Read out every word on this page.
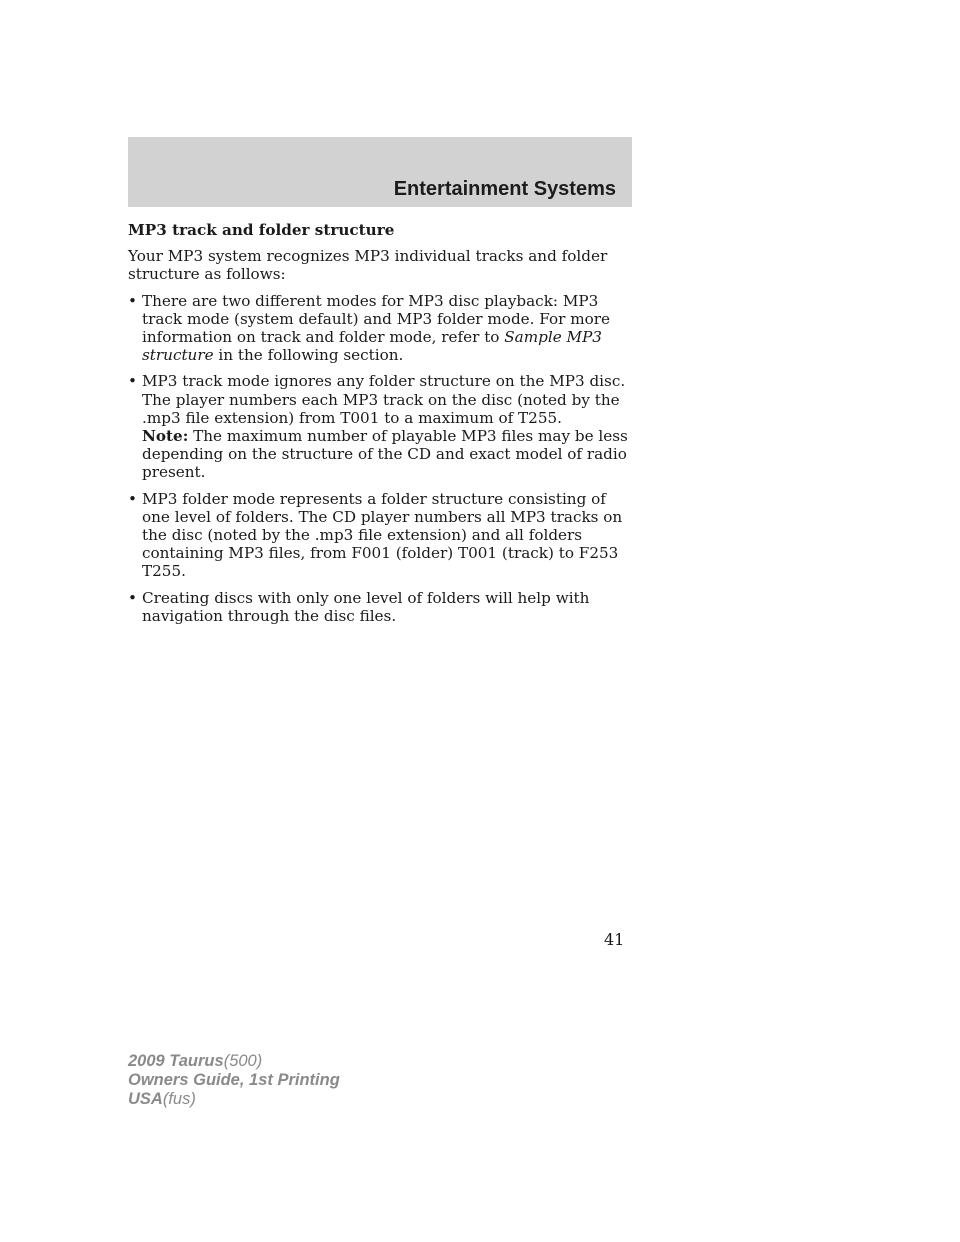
Entertainment Systems
MP3 track and folder structure
Your MP3 system recognizes MP3 individual tracks and folder structure as follows:
• There are two different modes for MP3 disc playback: MP3 track mode (system default) and MP3 folder mode. For more information on track and folder mode, refer to Sample MP3 structure in the following section.
• MP3 track mode ignores any folder structure on the MP3 disc. The player numbers each MP3 track on the disc (noted by the .mp3 file extension) from T001 to a maximum of T255.
Note: The maximum number of playable MP3 files may be less depending on the structure of the CD and exact model of radio present.
• MP3 folder mode represents a folder structure consisting of one level of folders. The CD player numbers all MP3 tracks on the disc (noted by the .mp3 file extension) and all folders containing MP3 files, from F001 (folder) T001 (track) to F253 T255.
• Creating discs with only one level of folders will help with navigation through the disc files.
41
2009 Taurus(500)
Owners Guide, 1st Printing
USA(fus)
